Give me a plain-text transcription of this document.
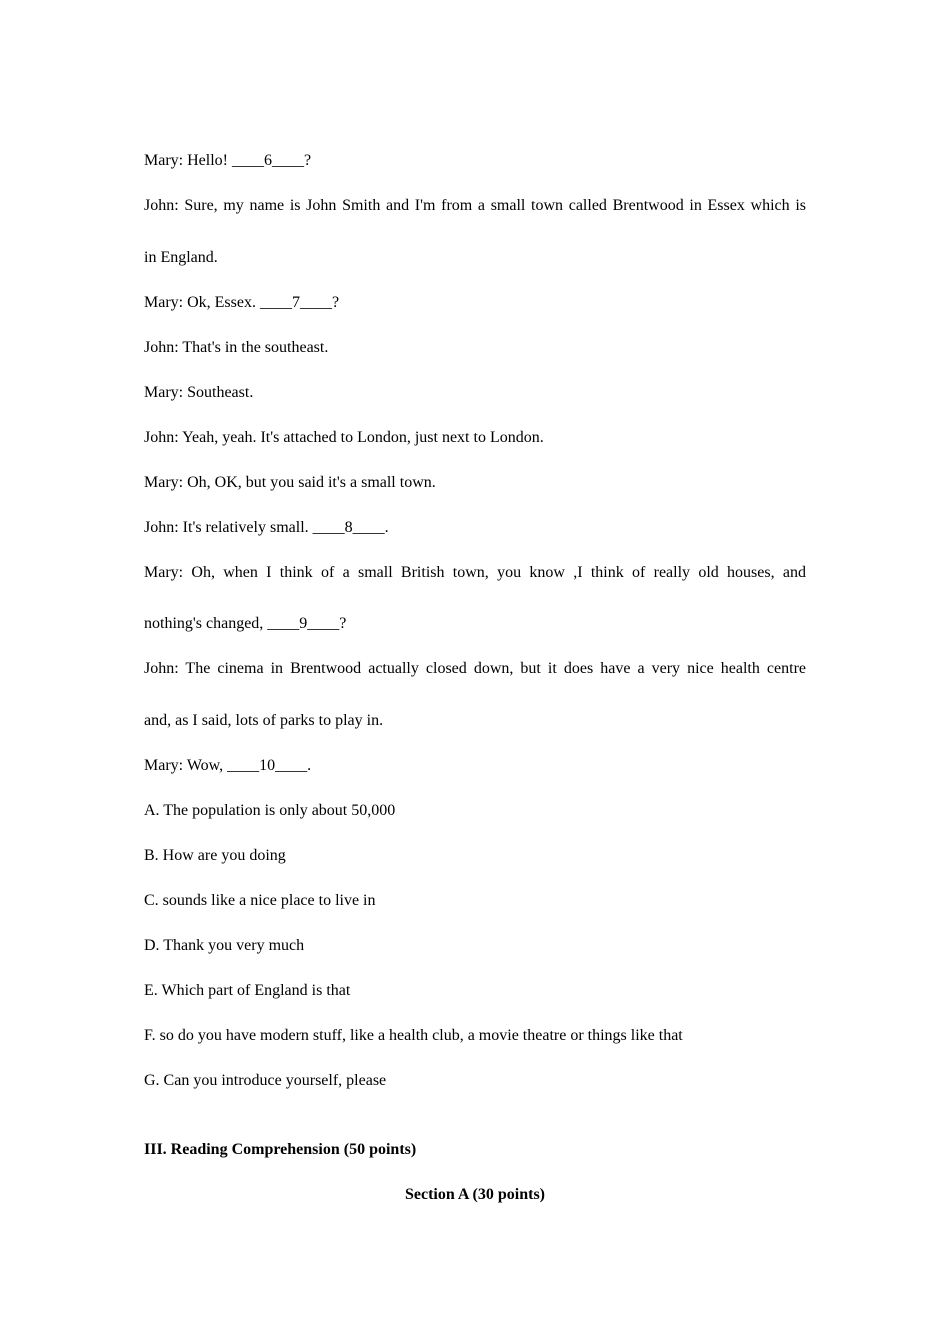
Mary: Hello! ____6____?
John: Sure, my name is John Smith and I'm from a small town called Brentwood in Essex which is
in England.
Mary: Ok, Essex. ____7____?
John: That's in the southeast.
Mary: Southeast.
John: Yeah, yeah. It's attached to London, just next to London.
Mary: Oh, OK, but you said it's a small town.
John: It's relatively small. ____8____.
Mary: Oh, when I think of a small British town, you know ,I think of really old houses, and
nothing's changed, ____9____?
John: The cinema in Brentwood actually closed down, but it does have a very nice health centre
and, as I said, lots of parks to play in.
Mary: Wow, ____10____.
A. The population is only about 50,000
B. How are you doing
C. sounds like a nice place to live in
D. Thank you very much
E. Which part of England is that
F. so do you have modern stuff, like a health club, a movie theatre or things like that
G. Can you introduce yourself, please
III. Reading Comprehension (50 points)
Section A (30 points)
